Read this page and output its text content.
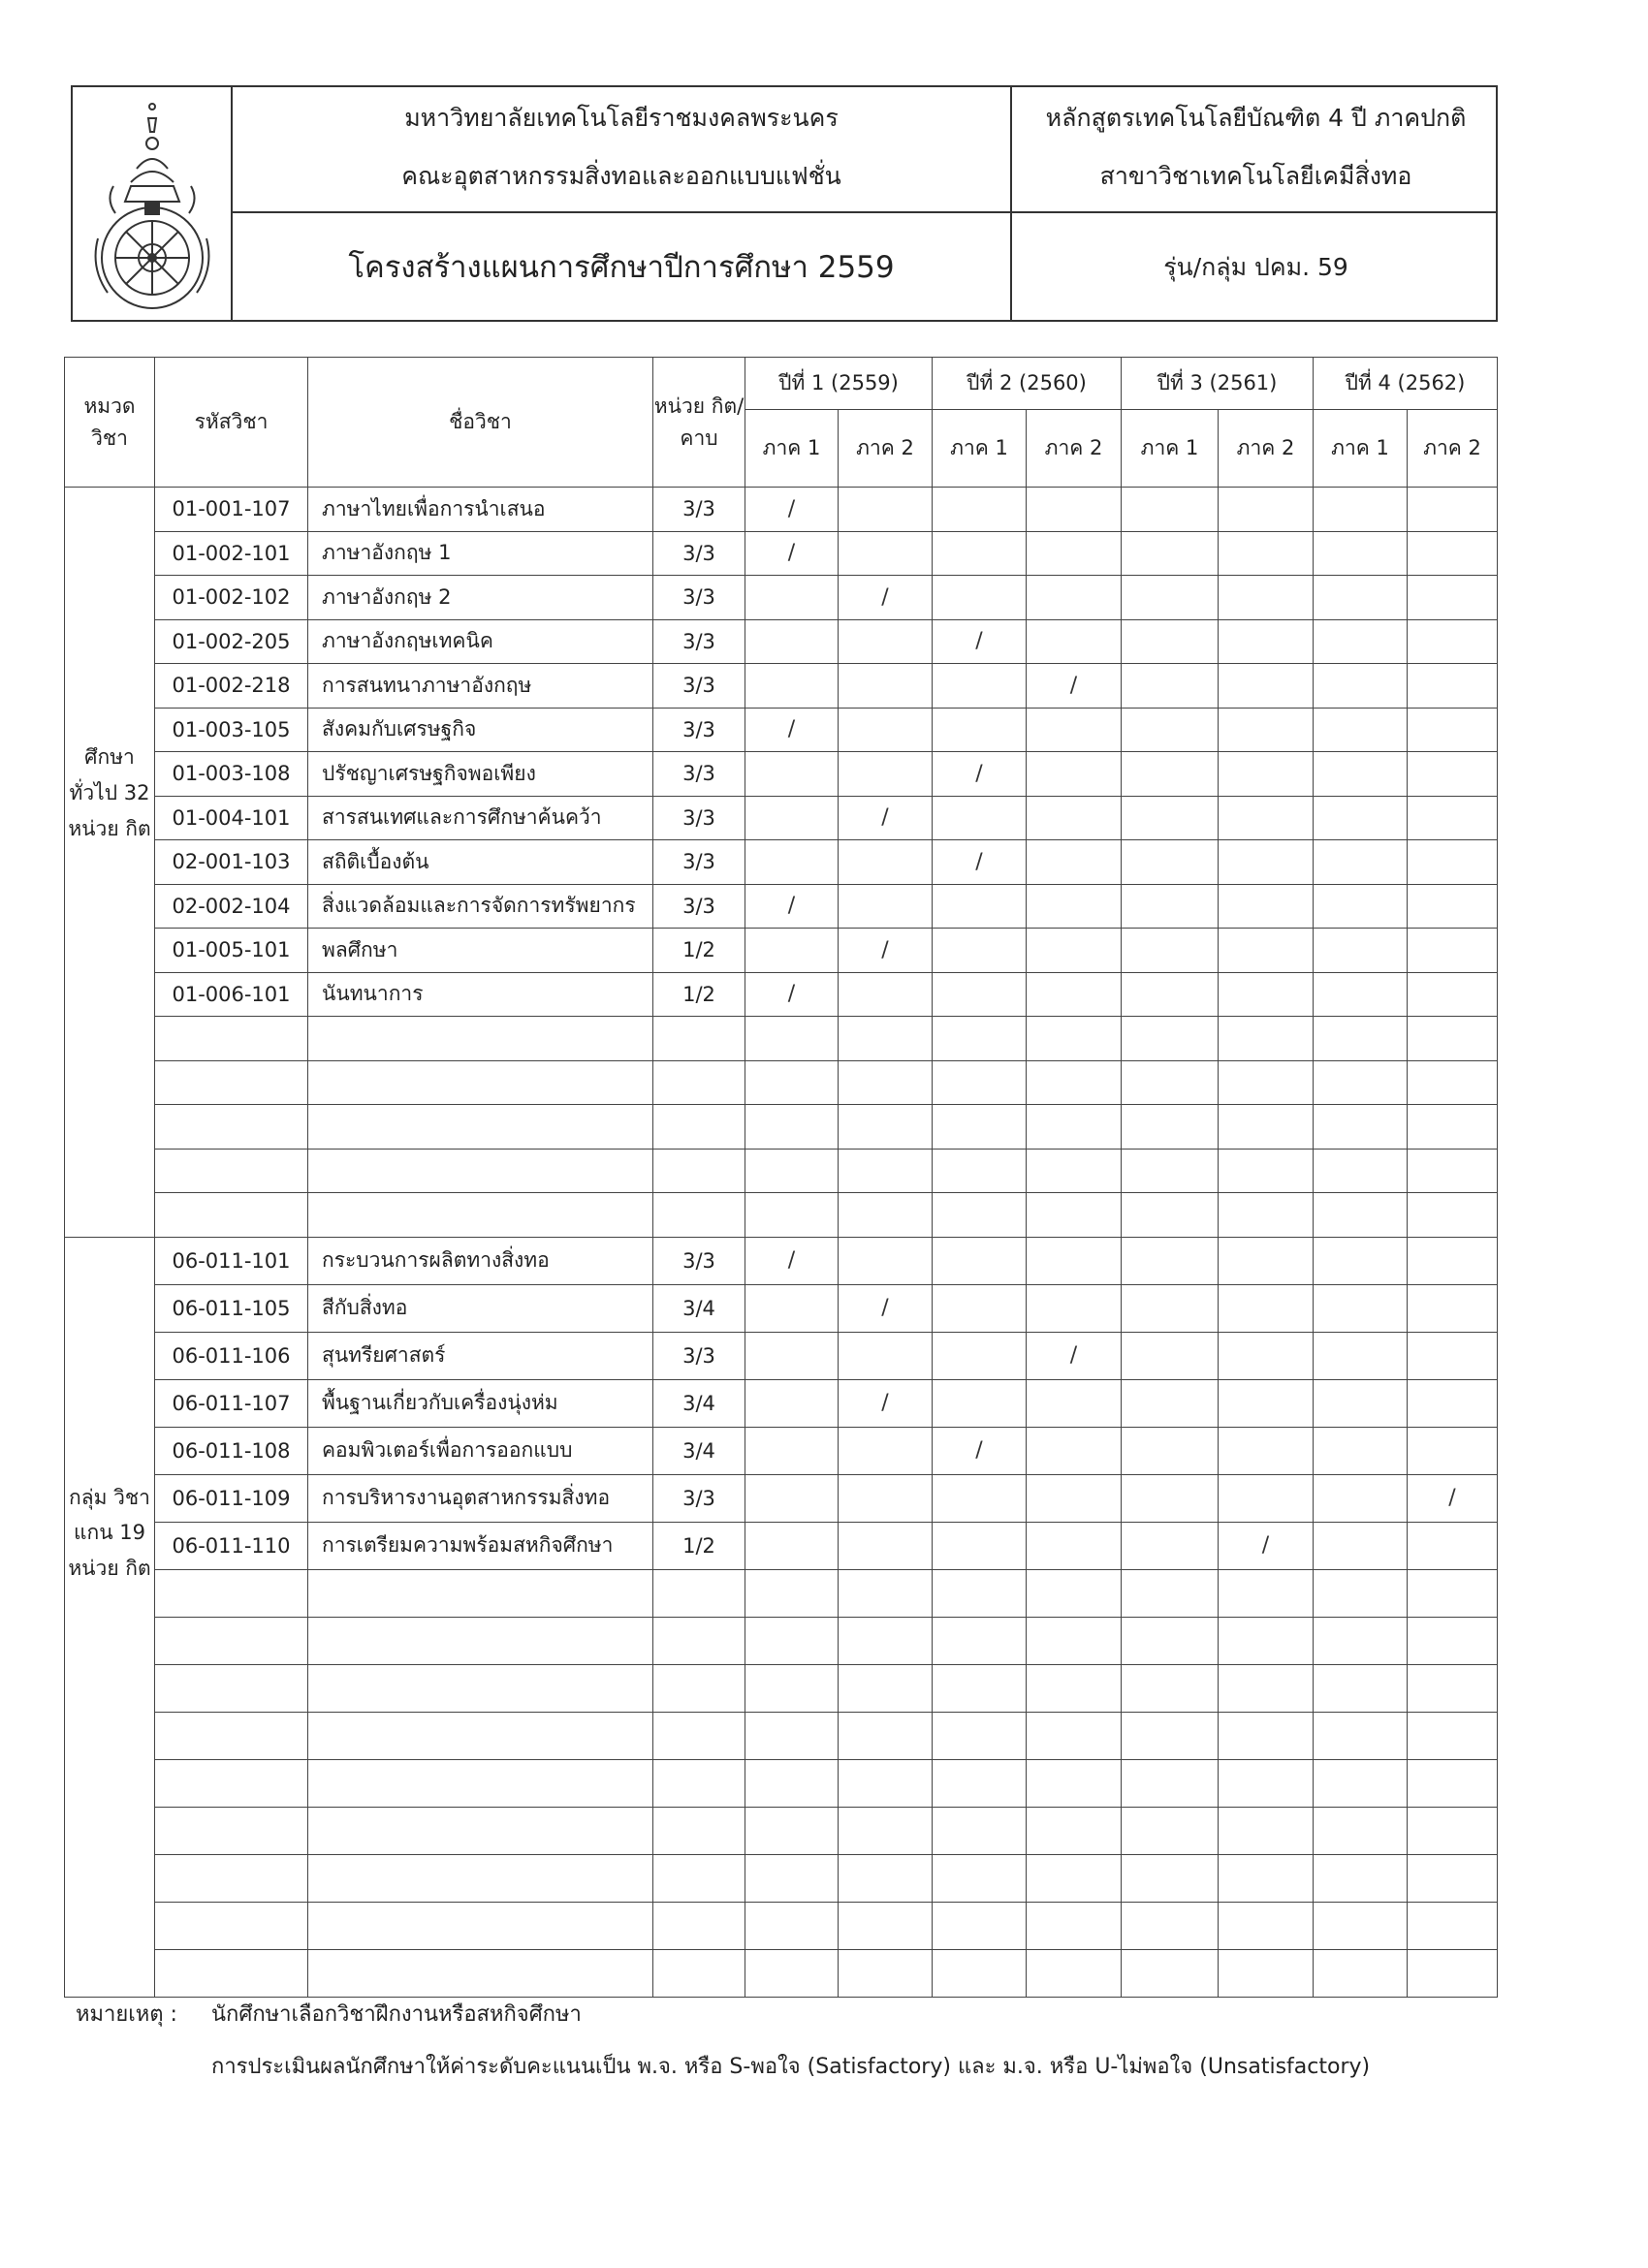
มหาวิทยาลัยเทคโนโลยีราชมงคลพระนคร
คณะอุตสาหกรรมสิ่งทอและออกแบบแฟชั่น
หลักสูตรเทคโนโลยีบัณฑิต 4 ปี ภาคปกติ
สาขาวิชาเทคโนโลยีเคมีสิ่งทอ
โครงสร้างแผนการศึกษาปีการศึกษา 2559	รุ่น/กลุ่ม ปคม. 59
หมวด วิชา	รหัสวิชา	ชื่อวิชา	หน่วย กิต/ คาบ	ปีที่ 1 (2559)		ปีที่ 2 (2560)		ปีที่ 3 (2561)		ปีที่ 4 (2562)	
				ภาค 1	ภาค 2	ภาค 1	ภาค 2	ภาค 1	ภาค 2	ภาค 1	ภาค 2
ศึกษา ทั่วไป 32 หน่วย กิต	01-001-107	ภาษาไทยเพื่อการนำเสนอ	3/3	/							
	01-002-101	ภาษาอังกฤษ 1	3/3	/							
	01-002-102	ภาษาอังกฤษ 2	3/3		/						
	01-002-205	ภาษาอังกฤษเทคนิค	3/3			/					
	01-002-218	การสนทนาภาษาอังกฤษ	3/3				/				
	01-003-105	สังคมกับเศรษฐกิจ	3/3	/							
	01-003-108	ปรัชญาเศรษฐกิจพอเพียง	3/3			/					
	01-004-101	สารสนเทศและการศึกษาค้นคว้า	3/3		/						
	02-001-103	สถิติเบื้องต้น	3/3			/					
	02-002-104	สิ่งแวดล้อมและการจัดการทรัพยากร	3/3	/							
	01-005-101	พลศึกษา	1/2		/						
	01-006-101	นันทนาการ	1/2	/							

กลุ่ม วิชา แกน 19 หน่วย กิต	06-011-101	กระบวนการผลิตทางสิ่งทอ	3/3	/							
	06-011-105	สีกับสิ่งทอ	3/4		/						
	06-011-106	สุนทรียศาสตร์	3/3				/				
	06-011-107	พื้นฐานเกี่ยวกับเครื่องนุ่งห่ม	3/4		/						
	06-011-108	คอมพิวเตอร์เพื่อการออกแบบ	3/4			/					
	06-011-109	การบริหารงานอุตสาหกรรมสิ่งทอ	3/3								/
	06-011-110	การเตรียมความพร้อมสหกิจศึกษา	1/2						/		

หมายเหตุ : นักศึกษาเลือกวิชาฝึกงานหรือสหกิจศึกษา
การประเมินผลนักศึกษาให้ค่าระดับคะแนนเป็น พ.จ. หรือ S-พอใจ (Satisfactory) และ ม.จ. หรือ U-ไม่พอใจ (Unsatisfactory)
